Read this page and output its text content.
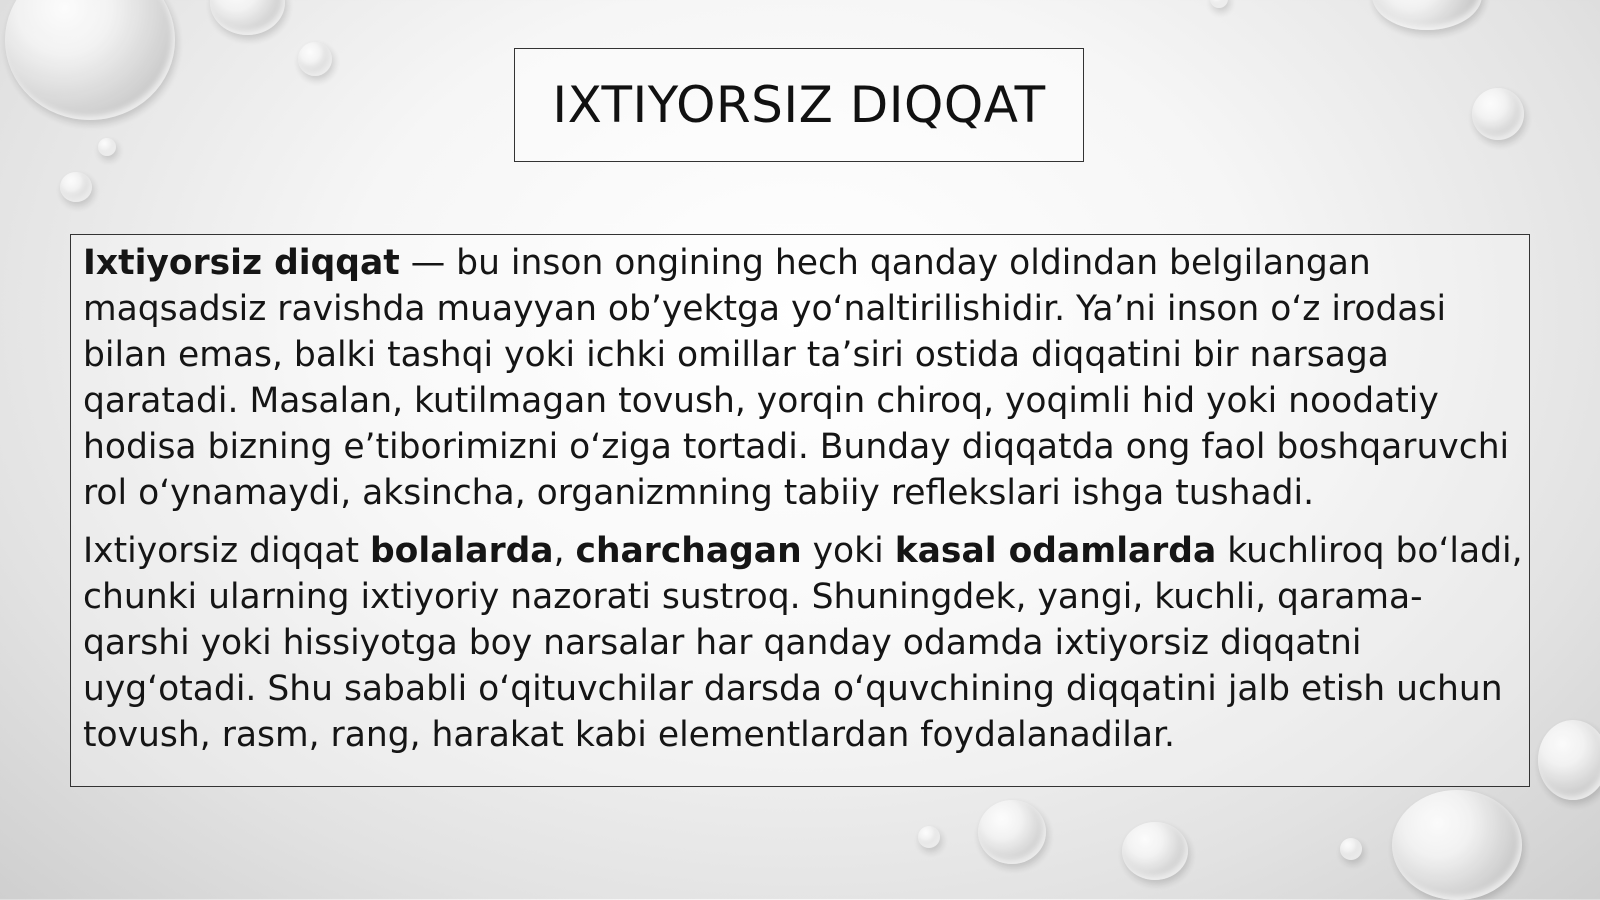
IXTIYORSIZ DIQQAT

Ixtiyorsiz diqqat — bu inson ongining hech qanday oldindan belgilangan maqsadsiz ravishda muayyan ob’yektga yo‘naltirilishidir. Ya’ni inson o‘z irodasi bilan emas, balki tashqi yoki ichki omillar ta’siri ostida diqqatini bir narsaga qaratadi. Masalan, kutilmagan tovush, yorqin chiroq, yoqimli hid yoki noodatiy hodisa bizning e’tiborimizni o‘ziga tortadi. Bunday diqqatda ong faol boshqaruvchi rol o‘ynamaydi, aksincha, organizmning tabiiy reflekslari ishga tushadi.

Ixtiyorsiz diqqat bolalarda, charchagan yoki kasal odamlarda kuchliroq bo‘ladi, chunki ularning ixtiyoriy nazorati sustroq. Shuningdek, yangi, kuchli, qarama-qarshi yoki hissiyotga boy narsalar har qanday odamda ixtiyorsiz diqqatni uyg‘otadi. Shu sababli o‘qituvchilar darsda o‘quvchining diqqatini jalb etish uchun tovush, rasm, rang, harakat kabi elementlardan foydalanadilar.
